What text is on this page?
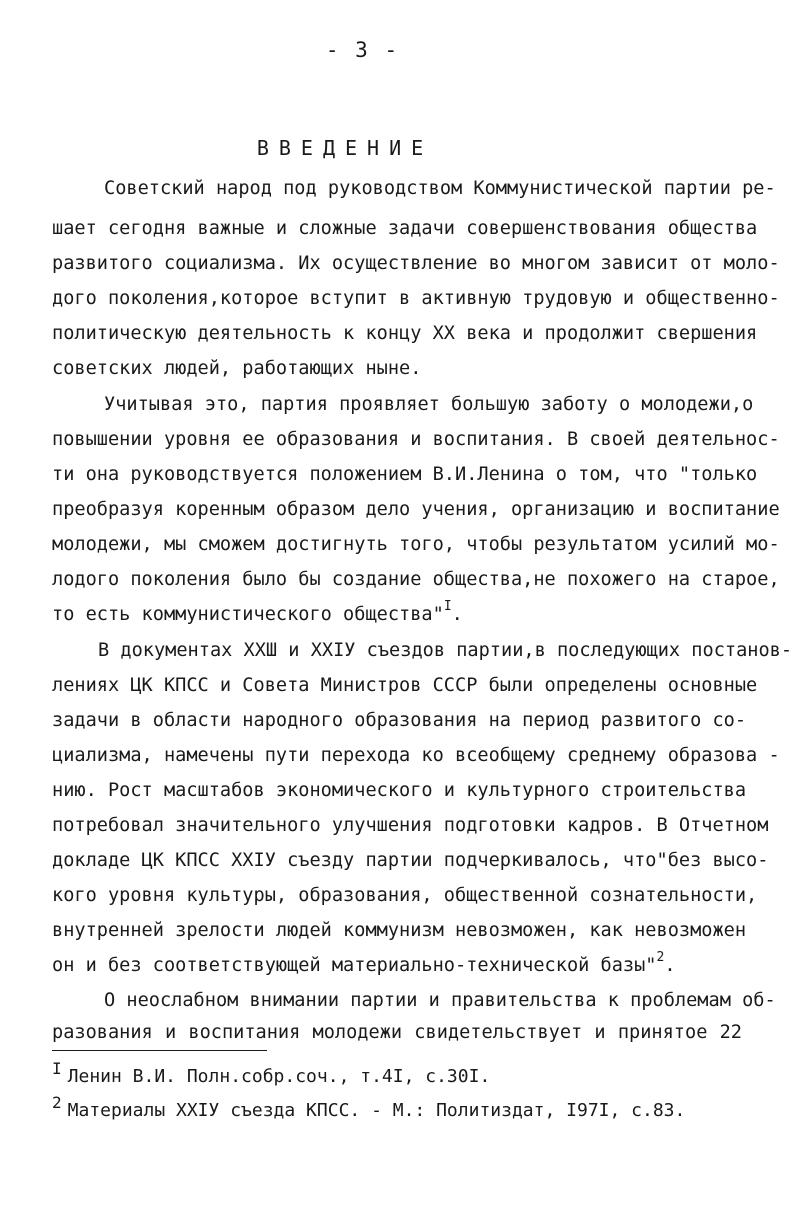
- 3 -
ВВЕДЕНИЕ
Советский народ под руководством Коммунистической партии ре-
шает сегодня важные и сложные задачи совершенствования общества
развитого социализма. Их осуществление во многом зависит от моло-
дого поколения,которое вступит в активную трудовую и общественно-
политическую деятельность к концу XX века и продолжит свершения
советских людей, работающих ныне.
Учитывая это, партия проявляет большую заботу о молодежи,о
повышении уровня ее образования и воспитания. В своей деятельнос-
ти она руководствуется положением В.И.Ленина о том, что "только
преобразуя коренным образом дело учения, организацию и воспитание
молодежи, мы сможем достигнуть того, чтобы результатом усилий мо-
лодого поколения было бы создание общества,не похожего на старое,
то есть коммунистического общества"$^I$.
В документах ХХШ и ХХIУ съездов партии,в последующих постанов-
лениях ЦК КПСС и Совета Министров СССР были определены основные
задачи в области народного образования на период развитого со-
циализма, намечены пути перехода ко всеобщему среднему образова -
нию. Рост масштабов экономического и культурного строительства
потребовал значительного улучшения подготовки кадров. В Отчетном
докладе ЦК КПСС ХХIУ съезду партии подчеркивалось, что"без высо-
кого уровня культуры, образования, общественной сознательности,
внутренней зрелости людей коммунизм невозможен, как невозможен
он и без соответствующей материально-технической базы"$^2$.
О неослабном внимании партии и правительства к проблемам об-
разования и воспитания молодежи свидетельствует и принятое 22
I Ленин В.И. Полн.собр.соч., т.4I, с.30I.
2 Материалы ХХIУ съезда КПСС. - М.: Политиздат, I97I, с.83.
